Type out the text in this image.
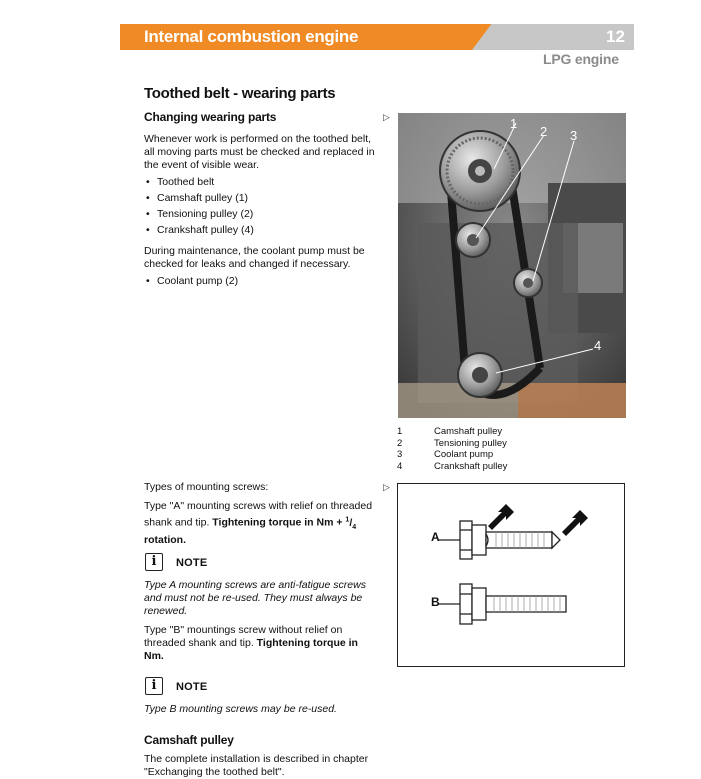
Internal combustion engine	12
LPG engine
Toothed belt - wearing parts
Changing wearing parts	▷
Whenever work is performed on the toothed belt, all moving parts must be checked and replaced in the event of visible wear.
• Toothed belt
• Camshaft pulley (1)
• Tensioning pulley (2)
• Crankshaft pulley (4)
During maintenance, the coolant pump must be checked for leaks and changed if necessary.
• Coolant pump (2)
1
2 3
4
1	Camshaft pulley
2	Tensioning pulley
3	Coolant pump
4	Crankshaft pulley
Types of mounting screws:	▷
Type "A" mounting screws with relief on threaded shank and tip. Tightening torque in $Nm + ^1/_4$ rotation.
i	NOTE
Type A mounting screws are anti-fatigue screws and must not be re-used. They must always be renewed.
Type "B" mountings screw without relief on threaded shank and tip. Tightening torque in Nm.
i	NOTE
Type B mounting screws may be re-used.
Camshaft pulley
The complete installation is described in chapter "Exchanging the toothed belt".
A
B
